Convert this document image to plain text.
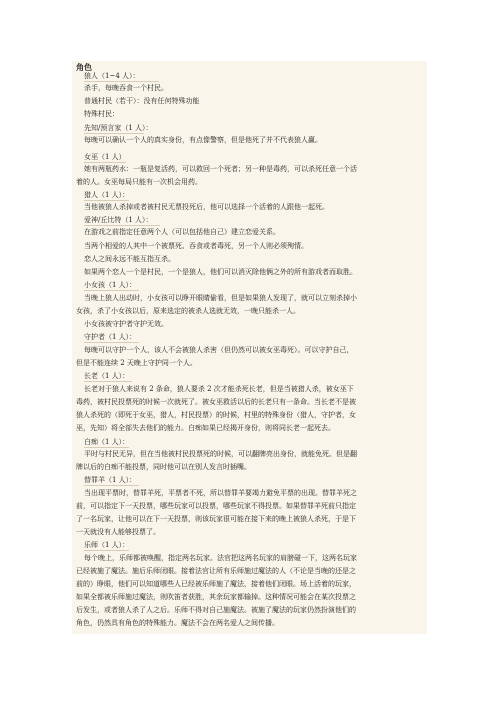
角色
狼人（1~4 人）：
杀手，每晚吞食一个村民。
普通村民（若干）：没有任何特殊功能
特殊村民：
先知/预言家（1 人）：
每晚可以确认一个人的真实身份，有点像警察，但是他死了并不代表狼人赢。
女巫（1 人）
她有两瓶药水：一瓶是复活药，可以救回一个死者；另一种是毒药，可以杀死任意一个活
着的人。女巫每局只能有一次机会用药。
猎人（1 人）：
当他被狼人杀掉或者被村民无票投死后，他可以选择一个活着的人跟他一起死。
爱神/丘比特（1 人）：
在游戏之前指定任意两个人（可以包括他自己）建立恋爱关系。
当两个相爱的人其中一个被票死、吞食或者毒死，另一个人则必须殉情。
恋人之间永远不能互指互杀。
如果两个恋人一个是村民，一个是狼人，他们可以消灭除他俩之外的所有游戏者而取胜。
小女孩（1 人）：
当晚上狼人出动时，小女孩可以睁开眼睛偷看，但是如果狼人发现了，就可以立刻杀掉小
女孩，杀了小女孩以后，原来选定的被杀人选就无效，一晚只能杀一人。
小女孩被守护者守护无效。
守护者（1 人）：
每晚可以守护一个人，该人不会被狼人杀害（但仍然可以被女巫毒死）。可以守护自己，
但是不能连续 2 天晚上守护同一个人。
长老（1 人）：
长老对于狼人来说有 2 条命，狼人要杀 2 次才能杀死长老，但是当被猎人杀，被女巫下
毒药，被村民投票死的时候一次就死了。被女巫救活以后的长老只有一条命。当长老不是被
狼人杀死的（即死于女巫，猎人，村民投票）的时候，村里的特殊身份（猎人，守护者，女
巫，先知）将全部失去他们的能力。白痴如果已经揭开身份，则将同长老一起死去。
白痴（1 人）：
平时与村民无异，但在当他被村民投票死的时候，可以翻牌亮出身份，就能免死。但是翻
牌以后的白痴不能投票，同时他可以在别人发言时插嘴。
替罪羊（1 人）：
当出现平票时，替罪羊死，平票者不死，所以替罪羊要竭力避免平票的出现。替罪羊死之
前，可以指定下一天投票，哪些玩家可以投票，哪些玩家不得投票。如果替罪羊死前只指定
了一名玩家，让他可以在下一天投票，则该玩家很可能在接下来的晚上被狼人杀死，于是下
一天就没有人能够投票了。
乐师（1 人）：
每个晚上，乐师都被唤醒，指定两名玩家。法官把这两名玩家的肩膀碰一下，这两名玩家
已经被施了魔法。施后乐师闭眼。接着法官让所有乐师施过魔法的人（不论是当晚的还是之
前的）睁眼，他们可以知道哪些人已经被乐师施了魔法，接着他们闭眼。场上活着的玩家，
如果全都被乐师施过魔法，则吹笛者获胜，其余玩家都输掉。这种情况可能会在某次投票之
后发生，或者狼人杀了人之后。乐师不得对自己施魔法。被施了魔法的玩家仍然扮演他们的
角色，仍然具有角色的特殊能力。魔法不会在两名爱人之间传播。
